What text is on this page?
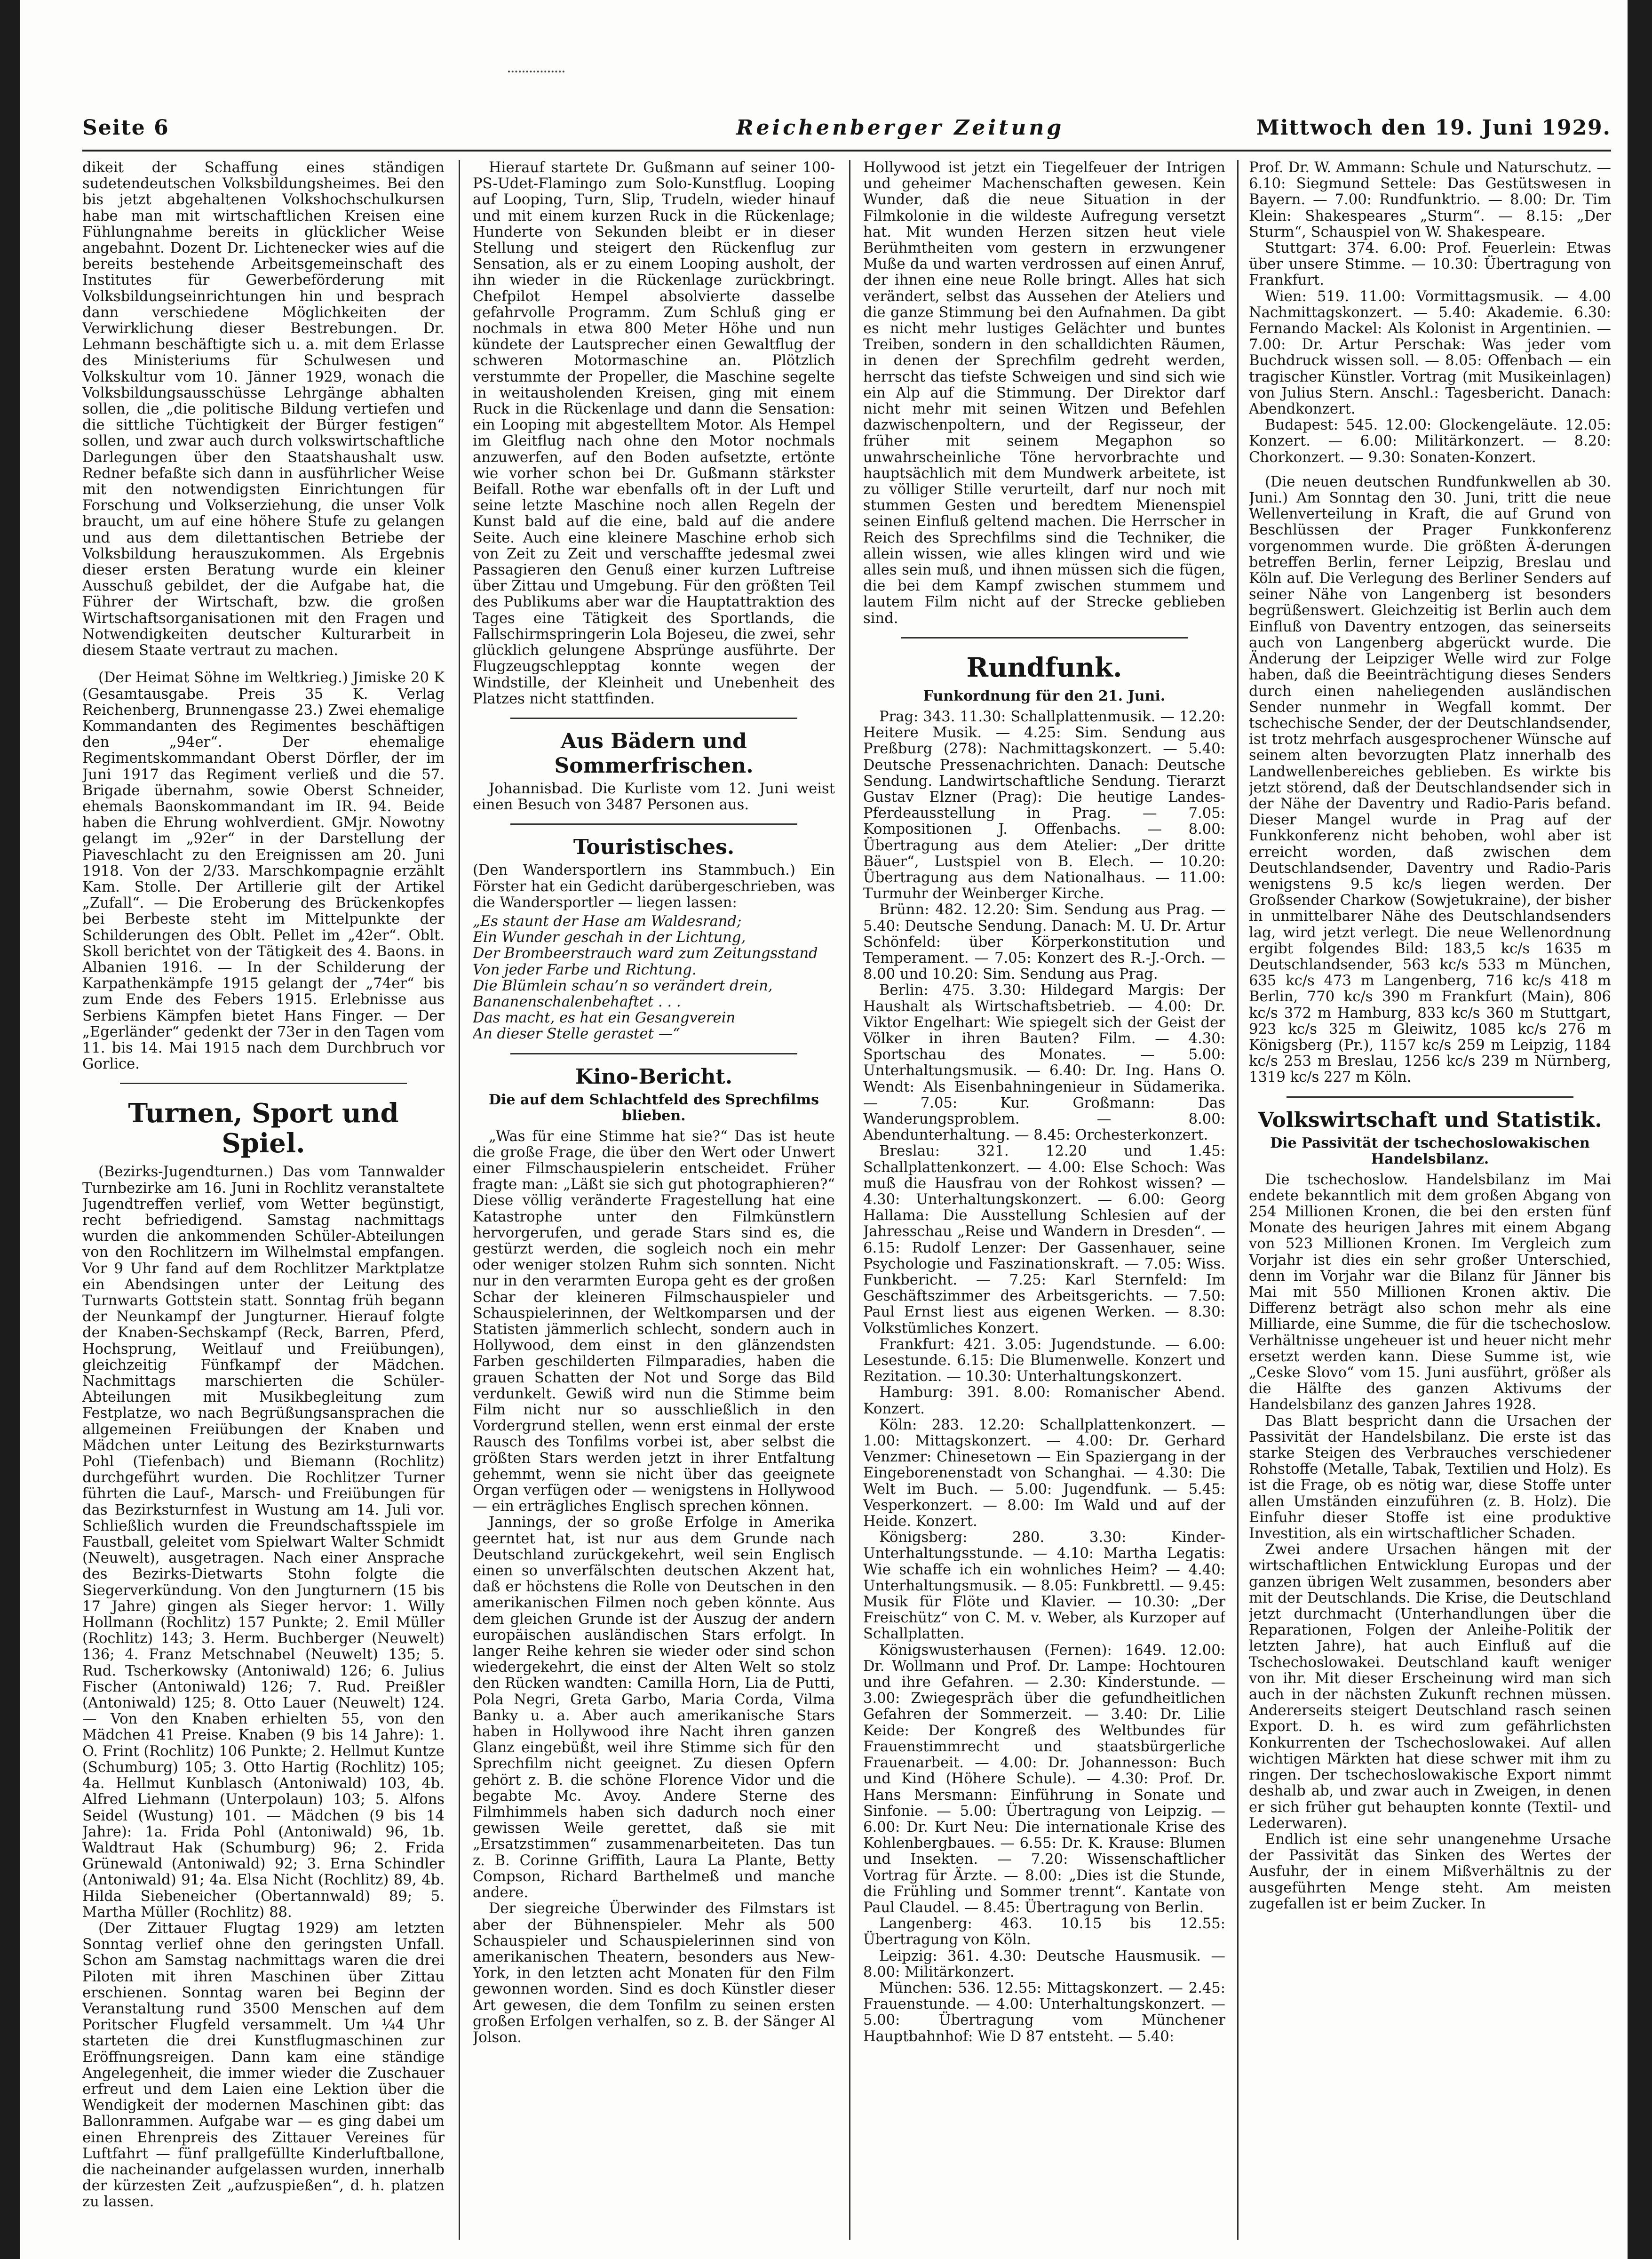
Seite 6	Reichenberger Zeitung	Mittwoch den 19. Juni 1929.

dikeit der Schaffung eines ständigen sudetendeutschen Volksbildungsheimes. Bei den bis jetzt abgehaltenen Volkshochschulkursen habe man mit wirtschaftlichen Kreisen eine Fühlungnahme bereits in glücklicher Weise angebahnt. Dozent Dr. Lichtenecker wies auf die bereits bestehende Arbeitsgemeinschaft des Institutes für Gewerbeförderung mit Volksbildungseinrichtungen hin und besprach dann verschiedene Möglichkeiten der Verwirklichung dieser Bestrebungen. Dr. Lehmann beschäftigte sich u. a. mit dem Erlasse des Ministeriums für Schulwesen und Volkskultur vom 10. Jänner 1929, wonach die Volksbildungsausschüsse Lehrgänge abhalten sollen, die „die politische Bildung vertiefen und die sittliche Tüchtigkeit der Bürger festigen“ sollen, und zwar auch durch volkswirtschaftliche Darlegungen über den Staatshaushalt usw. Redner befaßte sich dann in ausführlicher Weise mit den notwendigsten Einrichtungen für Forschung und Volkserziehung, die unser Volk braucht, um auf eine höhere Stufe zu gelangen und aus dem dilettantischen Betriebe der Volksbildung herauszukommen. Als Ergebnis dieser ersten Beratung wurde ein kleiner Ausschuß gebildet, der die Aufgabe hat, die Führer der Wirtschaft, bzw. die großen Wirtschaftsorganisationen mit den Fragen und Notwendigkeiten deutscher Kulturarbeit in diesem Staate vertraut zu machen.

(Der Heimat Söhne im Weltkrieg.) Jimiske 20 K (Gesamtausgabe. Preis 35 K. Verlag Reichenberg, Brunnengasse 23.) Zwei ehemalige Kommandanten des Regimentes beschäftigen den „94er“. Der ehemalige Regimentskommandant Oberst Dörfler, der im Juni 1917 das Regiment verließ und die 57. Brigade übernahm, sowie Oberst Schneider, ehemals Baonskommandant im IR. 94. Beide haben die Ehrung wohlverdient. GMjr. Nowotny gelangt im „92er“ in der Darstellung der Piaveschlacht zu den Ereignissen am 20. Juni 1918. Von der 2/33. Marschkompagnie erzählt Kam. Stolle. Der Artillerie gilt der Artikel „Zufall“. — Die Eroberung des Brückenkopfes bei Berbeste steht im Mittelpunkte der Schilderungen des Oblt. Pellet im „42er“. Oblt. Skoll berichtet von der Tätigkeit des 4. Baons. in Albanien 1916. — In der Schilderung der Karpathenkämpfe 1915 gelangt der „74er“ bis zum Ende des Febers 1915. Erlebnisse aus Serbiens Kämpfen bietet Hans Finger. — Der „Egerländer“ gedenkt der 73er in den Tagen vom 11. bis 14. Mai 1915 nach dem Durchbruch vor Gorlice.

Turnen, Sport und Spiel.

(Bezirks-Jugendturnen.) Das vom Tannwalder Turnbezirke am 16. Juni in Rochlitz veranstaltete Jugendtreffen verlief, vom Wetter begünstigt, recht befriedigend. Samstag nachmittags wurden die ankommenden Schüler-Abteilungen von den Rochlitzern im Wilhelmstal empfangen. Vor 9 Uhr fand auf dem Rochlitzer Marktplatze ein Abendsingen unter der Leitung des Turnwarts Gottstein statt. Sonntag früh begann der Neunkampf der Jungturner. Hierauf folgte der Knaben-Sechskampf (Reck, Barren, Pferd, Hochsprung, Weitlauf und Freiübungen), gleichzeitig Fünfkampf der Mädchen. Nachmittags marschierten die Schüler-Abteilungen mit Musikbegleitung zum Festplatze, wo nach Begrüßungsansprachen die allgemeinen Freiübungen der Knaben und Mädchen unter Leitung des Bezirksturnwarts Pohl (Tiefenbach) und Biemann (Rochlitz) durchgeführt wurden. Die Rochlitzer Turner führten die Lauf-, Marsch- und Freiübungen für das Bezirksturnfest in Wustung am 14. Juli vor. Schließlich wurden die Freundschaftsspiele im Faustball, geleitet vom Spielwart Walter Schmidt (Neuwelt), ausgetragen. Nach einer Ansprache des Bezirks-Dietwarts Stohn folgte die Siegerverkündung. Von den Jungturnern (15 bis 17 Jahre) gingen als Sieger hervor: 1. Willy Hollmann (Rochlitz) 157 Punkte; 2. Emil Müller (Rochlitz) 143; 3. Herm. Buchberger (Neuwelt) 136; 4. Franz Metschnabel (Neuwelt) 135; 5. Rud. Tscherkowsky (Antoniwald) 126; 6. Julius Fischer (Antoniwald) 126; 7. Rud. Preißler (Antoniwald) 125; 8. Otto Lauer (Neuwelt) 124. — Von den Knaben erhielten 55, von den Mädchen 41 Preise. Knaben (9 bis 14 Jahre): 1. O. Frint (Rochlitz) 106 Punkte; 2. Hellmut Kuntze (Schumburg) 105; 3. Otto Hartig (Rochlitz) 105; 4a. Hellmut Kunblasch (Antoniwald) 103, 4b. Alfred Liehmann (Unterpolaun) 103; 5. Alfons Seidel (Wustung) 101. — Mädchen (9 bis 14 Jahre): 1a. Frida Pohl (Antoniwald) 96, 1b. Waldtraut Hak (Schumburg) 96; 2. Frida Grünewald (Antoniwald) 92; 3. Erna Schindler (Antoniwald) 91; 4a. Elsa Nicht (Rochlitz) 89, 4b. Hilda Siebeneicher (Obertannwald) 89; 5. Martha Müller (Rochlitz) 88.

(Der Zittauer Flugtag 1929) am letzten Sonntag verlief ohne den geringsten Unfall. Schon am Samstag nachmittags waren die drei Piloten mit ihren Maschinen über Zittau erschienen. Sonntag waren bei Beginn der Veranstaltung rund 3500 Menschen auf dem Poritscher Flugfeld versammelt. Um ¼4 Uhr starteten die drei Kunstflugmaschinen zur Eröffnungsreigen. Dann kam eine ständige Angelegenheit, die immer wieder die Zuschauer erfreut und dem Laien eine Lektion über die Wendigkeit der modernen Maschinen gibt: das Ballonrammen. Aufgabe war — es ging dabei um einen Ehrenpreis des Zittauer Vereines für Luftfahrt — fünf prallgefüllte Kinderluftballone, die nacheinander aufgelassen wurden, innerhalb der kürzesten Zeit „aufzuspießen“, d. h. platzen zu lassen.

Hierauf startete Dr. Gußmann auf seiner 100-PS-Udet-Flamingo zum Solo-Kunstflug. Looping auf Looping, Turn, Slip, Trudeln, wieder hinauf und mit einem kurzen Ruck in die Rückenlage; Hunderte von Sekunden bleibt er in dieser Stellung und steigert den Rückenflug zur Sensation, als er zu einem Looping ausholt, der ihn wieder in die Rückenlage zurückbringt. Chefpilot Hempel absolvierte dasselbe gefahrvolle Programm. Zum Schluß ging er nochmals in etwa 800 Meter Höhe und nun kündete der Lautsprecher einen Gewaltflug der schweren Motormaschine an. Plötzlich verstummte der Propeller, die Maschine segelte in weitausholenden Kreisen, ging mit einem Ruck in die Rückenlage und dann die Sensation: ein Looping mit abgestelltem Motor. Als Hempel im Gleitflug nach ohne den Motor nochmals anzuwerfen, auf den Boden aufsetzte, ertönte wie vorher schon bei Dr. Gußmann stärkster Beifall. Rothe war ebenfalls oft in der Luft und seine letzte Maschine noch allen Regeln der Kunst bald auf die eine, bald auf die andere Seite. Auch eine kleinere Maschine erhob sich von Zeit zu Zeit und verschaffte jedesmal zwei Passagieren den Genuß einer kurzen Luftreise über Zittau und Umgebung. Für den größten Teil des Publikums aber war die Hauptattraktion des Tages eine Tätigkeit des Sportlands, die Fallschirmspringerin Lola Bojeseu, die zwei, sehr glücklich gelungene Absprünge ausführte. Der Flugzeugschlepptag konnte wegen der Windstille, der Kleinheit und Unebenheit des Platzes nicht stattfinden.

Aus Bädern und Sommerfrischen.

Johannisbad. Die Kurliste vom 12. Juni weist einen Besuch von 3487 Personen aus.

Touristisches.

(Den Wandersportlern ins Stammbuch.) Ein Förster hat ein Gedicht darübergeschrieben, was die Wandersportler — liegen lassen:

„Es staunt der Hase am Waldesrand;
Ein Wunder geschah in der Lichtung,
Der Brombeerstrauch ward zum Zeitungsstand
Von jeder Farbe und Richtung.
Die Blümlein schau’n so verändert drein,
Bananenschalenbehaftet . . .
Das macht, es hat ein Gesangverein
An dieser Stelle gerastet —“
Kino-Bericht.
Die auf dem Schlachtfeld des Sprechfilms blieben.

„Was für eine Stimme hat sie?“ Das ist heute die große Frage, die über den Wert oder Unwert einer Filmschauspielerin entscheidet. Früher fragte man: „Läßt sie sich gut photographieren?“ Diese völlig veränderte Fragestellung hat eine Katastrophe unter den Filmkünstlern hervorgerufen, und gerade Stars sind es, die gestürzt werden, die sogleich noch ein mehr oder weniger stolzen Ruhm sich sonnten. Nicht nur in den verarmten Europa geht es der großen Schar der kleineren Filmschauspieler und Schauspielerinnen, der Weltkomparsen und der Statisten jämmerlich schlecht, sondern auch in Hollywood, dem einst in den glänzendsten Farben geschilderten Filmparadies, haben die grauen Schatten der Not und Sorge das Bild verdunkelt. Gewiß wird nun die Stimme beim Film nicht nur so ausschließlich in den Vordergrund stellen, wenn erst einmal der erste Rausch des Tonfilms vorbei ist, aber selbst die größten Stars werden jetzt in ihrer Entfaltung gehemmt, wenn sie nicht über das geeignete Organ verfügen oder — wenigstens in Hollywood — ein erträgliches Englisch sprechen können.

Jannings, der so große Erfolge in Amerika geerntet hat, ist nur aus dem Grunde nach Deutschland zurückgekehrt, weil sein Englisch einen so unverfälschten deutschen Akzent hat, daß er höchstens die Rolle von Deutschen in den amerikanischen Filmen noch geben könnte. Aus dem gleichen Grunde ist der Auszug der andern europäischen ausländischen Stars erfolgt. In langer Reihe kehren sie wieder oder sind schon wiedergekehrt, die einst der Alten Welt so stolz den Rücken wandten: Camilla Horn, Lia de Putti, Pola Negri, Greta Garbo, Maria Corda, Vilma Banky u. a. Aber auch amerikanische Stars haben in Hollywood ihre Nacht ihren ganzen Glanz eingebüßt, weil ihre Stimme sich für den Sprechfilm nicht geeignet. Zu diesen Opfern gehört z. B. die schöne Florence Vidor und die begabte Mc. Avoy. Andere Sterne des Filmhimmels haben sich dadurch noch einer gewissen Weile gerettet, daß sie mit „Ersatzstimmen“ zusammenarbeiteten. Das tun z. B. Corinne Griffith, Laura La Plante, Betty Compson, Richard Barthelmeß und manche andere.

Der siegreiche Überwinder des Filmstars ist aber der Bühnenspieler. Mehr als 500 Schauspieler und Schauspielerinnen sind von amerikanischen Theatern, besonders aus New-York, in den letzten acht Monaten für den Film gewonnen worden. Sind es doch Künstler dieser Art gewesen, die dem Tonfilm zu seinen ersten großen Erfolgen verhalfen, so z. B. der Sänger Al Jolson.

Hollywood ist jetzt ein Tiegelfeuer der Intrigen und geheimer Machenschaften gewesen. Kein Wunder, daß die neue Situation in der Filmkolonie in die wildeste Aufregung versetzt hat. Mit wunden Herzen sitzen heut viele Berühmtheiten vom gestern in erzwungener Muße da und warten verdrossen auf einen Anruf, der ihnen eine neue Rolle bringt. Alles hat sich verändert, selbst das Aussehen der Ateliers und die ganze Stimmung bei den Aufnahmen. Da gibt es nicht mehr lustiges Gelächter und buntes Treiben, sondern in den schalldichten Räumen, in denen der Sprechfilm gedreht werden, herrscht das tiefste Schweigen und sind sich wie ein Alp auf die Stimmung. Der Direktor darf nicht mehr mit seinen Witzen und Befehlen dazwischenpoltern, und der Regisseur, der früher mit seinem Megaphon so unwahrscheinliche Töne hervorbrachte und hauptsächlich mit dem Mundwerk arbeitete, ist zu völliger Stille verurteilt, darf nur noch mit stummen Gesten und beredtem Mienenspiel seinen Einfluß geltend machen. Die Herrscher in Reich des Sprechfilms sind die Techniker, die allein wissen, wie alles klingen wird und wie alles sein muß, und ihnen müssen sich die fügen, die bei dem Kampf zwischen stummem und lautem Film nicht auf der Strecke geblieben sind.

Rundfunk.
Funkordnung für den 21. Juni.

Prag: 343. 11.30: Schallplattenmusik. — 12.20: Heitere Musik. — 4.25: Sim. Sendung aus Preßburg (278): Nachmittagskonzert. — 5.40: Deutsche Pressenachrichten. Danach: Deutsche Sendung. Landwirtschaftliche Sendung. Tierarzt Gustav Elzner (Prag): Die heutige Landes-Pferdeausstellung in Prag. — 7.05: Kompositionen J. Offenbachs. — 8.00: Übertragung aus dem Atelier: „Der dritte Bäuer“, Lustspiel von B. Elech. — 10.20: Übertragung aus dem Nationalhaus. — 11.00: Turmuhr der Weinberger Kirche.

Brünn: 482. 12.20: Sim. Sendung aus Prag. — 5.40: Deutsche Sendung. Danach: M. U. Dr. Artur Schönfeld: über Körperkonstitution und Temperament. — 7.05: Konzert des R.-J.-Orch. — 8.00 und 10.20: Sim. Sendung aus Prag.

Berlin: 475. 3.30: Hildegard Margis: Der Haushalt als Wirtschaftsbetrieb. — 4.00: Dr. Viktor Engelhart: Wie spiegelt sich der Geist der Völker in ihren Bauten? Film. — 4.30: Sportschau des Monates. — 5.00: Unterhaltungsmusik. — 6.40: Dr. Ing. Hans O. Wendt: Als Eisenbahningenieur in Südamerika. — 7.05: Kur. Großmann: Das Wanderungsproblem. — 8.00: Abendunterhaltung. — 8.45: Orchesterkonzert.

Breslau: 321. 12.20 und 1.45: Schallplattenkonzert. — 4.00: Else Schoch: Was muß die Hausfrau von der Rohkost wissen? — 4.30: Unterhaltungskonzert. — 6.00: Georg Hallama: Die Ausstellung Schlesien auf der Jahresschau „Reise und Wandern in Dresden“. — 6.15: Rudolf Lenzer: Der Gassenhauer, seine Psychologie und Faszinationskraft. — 7.05: Wiss. Funkbericht. — 7.25: Karl Sternfeld: Im Geschäftszimmer des Arbeitsgerichts. — 7.50: Paul Ernst liest aus eigenen Werken. — 8.30: Volkstümliches Konzert.

Frankfurt: 421. 3.05: Jugendstunde. — 6.00: Lesestunde. 6.15: Die Blumenwelle. Konzert und Rezitation. — 10.30: Unterhaltungskonzert.

Hamburg: 391. 8.00: Romanischer Abend. Konzert.

Köln: 283. 12.20: Schallplattenkonzert. — 1.00: Mittagskonzert. — 4.00: Dr. Gerhard Venzmer: Chinesetown — Ein Spaziergang in der Eingeborenenstadt von Schanghai. — 4.30: Die Welt im Buch. — 5.00: Jugendfunk. — 5.45: Vesperkonzert. — 8.00: Im Wald und auf der Heide. Konzert.

Königsberg: 280. 3.30: Kinder-Unterhaltungsstunde. — 4.10: Martha Legatis: Wie schaffe ich ein wohnliches Heim? — 4.40: Unterhaltungsmusik. — 8.05: Funkbrettl. — 9.45: Musik für Flöte und Klavier. — 10.30: „Der Freischütz“ von C. M. v. Weber, als Kurzoper auf Schallplatten.

Königswusterhausen (Fernen): 1649. 12.00: Dr. Wollmann und Prof. Dr. Lampe: Hochtouren und ihre Gefahren. — 2.30: Kinderstunde. — 3.00: Zwiegespräch über die gefundheitlichen Gefahren der Sommerzeit. — 3.40: Dr. Lilie Keide: Der Kongreß des Weltbundes für Frauenstimmrecht und staatsbürgerliche Frauenarbeit. — 4.00: Dr. Johannesson: Buch und Kind (Höhere Schule). — 4.30: Prof. Dr. Hans Mersmann: Einführung in Sonate und Sinfonie. — 5.00: Übertragung von Leipzig. — 6.00: Dr. Kurt Neu: Die internationale Krise des Kohlenbergbaues. — 6.55: Dr. K. Krause: Blumen und Insekten. — 7.20: Wissenschaftlicher Vortrag für Ärzte. — 8.00: „Dies ist die Stunde, die Frühling und Sommer trennt“. Kantate von Paul Claudel. — 8.45: Übertragung von Berlin.

Langenberg: 463. 10.15 bis 12.55: Übertragung von Köln.

Leipzig: 361. 4.30: Deutsche Hausmusik. — 8.00: Militärkonzert.

München: 536. 12.55: Mittagskonzert. — 2.45: Frauenstunde. — 4.00: Unterhaltungskonzert. — 5.00: Übertragung vom Münchener Hauptbahnhof: Wie D 87 entsteht. — 5.40:

Prof. Dr. W. Ammann: Schule und Naturschutz. — 6.10: Siegmund Settele: Das Gestütswesen in Bayern. — 7.00: Rundfunktrio. — 8.00: Dr. Tim Klein: Shakespeares „Sturm“. — 8.15: „Der Sturm“, Schauspiel von W. Shakespeare.

Stuttgart: 374. 6.00: Prof. Feuerlein: Etwas über unsere Stimme. — 10.30: Übertragung von Frankfurt.

Wien: 519. 11.00: Vormittagsmusik. — 4.00 Nachmittagskonzert. — 5.40: Akademie. 6.30: Fernando Mackel: Als Kolonist in Argentinien. — 7.00: Dr. Artur Perschak: Was jeder vom Buchdruck wissen soll. — 8.05: Offenbach — ein tragischer Künstler. Vortrag (mit Musikeinlagen) von Julius Stern. Anschl.: Tagesbericht. Danach: Abendkonzert.

Budapest: 545. 12.00: Glockengeläute. 12.05: Konzert. — 6.00: Militärkonzert. — 8.20: Chorkonzert. — 9.30: Sonaten-Konzert.

(Die neuen deutschen Rundfunkwellen ab 30. Juni.) Am Sonntag den 30. Juni, tritt die neue Wellenverteilung in Kraft, die auf Grund von Beschlüssen der Prager Funkkonferenz vorgenommen wurde. Die größten Ä-derungen betreffen Berlin, ferner Leipzig, Breslau und Köln auf. Die Verlegung des Berliner Senders auf seiner Nähe von Langenberg ist besonders begrüßenswert. Gleichzeitig ist Berlin auch dem Einfluß von Daventry entzogen, das seinerseits auch von Langenberg abgerückt wurde. Die Änderung der Leipziger Welle wird zur Folge haben, daß die Beeinträchtigung dieses Senders durch einen naheliegenden ausländischen Sender nunmehr in Wegfall kommt. Der tschechische Sender, der der Deutschlandsender, ist trotz mehrfach ausgesprochener Wünsche auf seinem alten bevorzugten Platz innerhalb des Landwellenbereiches geblieben. Es wirkte bis jetzt störend, daß der Deutschlandsender sich in der Nähe der Daventry und Radio-Paris befand. Dieser Mangel wurde in Prag auf der Funkkonferenz nicht behoben, wohl aber ist erreicht worden, daß zwischen dem Deutschlandsender, Daventry und Radio-Paris wenigstens 9.5 kc/s liegen werden. Der Großsender Charkow (Sowjetukraine), der bisher in unmittelbarer Nähe des Deutschlandsenders lag, wird jetzt verlegt. Die neue Wellenordnung ergibt folgendes Bild: 183,5 kc/s 1635 m Deutschlandsender, 563 kc/s 533 m München, 635 kc/s 473 m Langenberg, 716 kc/s 418 m Berlin, 770 kc/s 390 m Frankfurt (Main), 806 kc/s 372 m Hamburg, 833 kc/s 360 m Stuttgart, 923 kc/s 325 m Gleiwitz, 1085 kc/s 276 m Königsberg (Pr.), 1157 kc/s 259 m Leipzig, 1184 kc/s 253 m Breslau, 1256 kc/s 239 m Nürnberg, 1319 kc/s 227 m Köln.

Volkswirtschaft und Statistik.
Die Passivität der tschechoslowakischen Handelsbilanz.

Die tschechoslow. Handelsbilanz im Mai endete bekanntlich mit dem großen Abgang von 254 Millionen Kronen, die bei den ersten fünf Monate des heurigen Jahres mit einem Abgang von 523 Millionen Kronen. Im Vergleich zum Vorjahr ist dies ein sehr großer Unterschied, denn im Vorjahr war die Bilanz für Jänner bis Mai mit 550 Millionen Kronen aktiv. Die Differenz beträgt also schon mehr als eine Milliarde, eine Summe, die für die tschechoslow. Verhältnisse ungeheuer ist und heuer nicht mehr ersetzt werden kann. Diese Summe ist, wie „Ceske Slovo“ vom 15. Juni ausführt, größer als die Hälfte des ganzen Aktivums der Handelsbilanz des ganzen Jahres 1928.

Das Blatt bespricht dann die Ursachen der Passivität der Handelsbilanz. Die erste ist das starke Steigen des Verbrauches verschiedener Rohstoffe (Metalle, Tabak, Textilien und Holz). Es ist die Frage, ob es nötig war, diese Stoffe unter allen Umständen einzuführen (z. B. Holz). Die Einfuhr dieser Stoffe ist eine produktive Investition, als ein wirtschaftlicher Schaden.

Zwei andere Ursachen hängen mit der wirtschaftlichen Entwicklung Europas und der ganzen übrigen Welt zusammen, besonders aber mit der Deutschlands. Die Krise, die Deutschland jetzt durchmacht (Unterhandlungen über die Reparationen, Folgen der Anleihe-Politik der letzten Jahre), hat auch Einfluß auf die Tschechoslowakei. Deutschland kauft weniger von ihr. Mit dieser Erscheinung wird man sich auch in der nächsten Zukunft rechnen müssen. Andererseits steigert Deutschland rasch seinen Export. D. h. es wird zum gefährlichsten Konkurrenten der Tschechoslowakei. Auf allen wichtigen Märkten hat diese schwer mit ihm zu ringen. Der tschechoslowakische Export nimmt deshalb ab, und zwar auch in Zweigen, in denen er sich früher gut behaupten konnte (Textil- und Lederwaren).

Endlich ist eine sehr unangenehme Ursache der Passivität das Sinken des Wertes der Ausfuhr, der in einem Mißverhältnis zu der ausgeführten Menge steht. Am meisten zugefallen ist er beim Zucker. In
